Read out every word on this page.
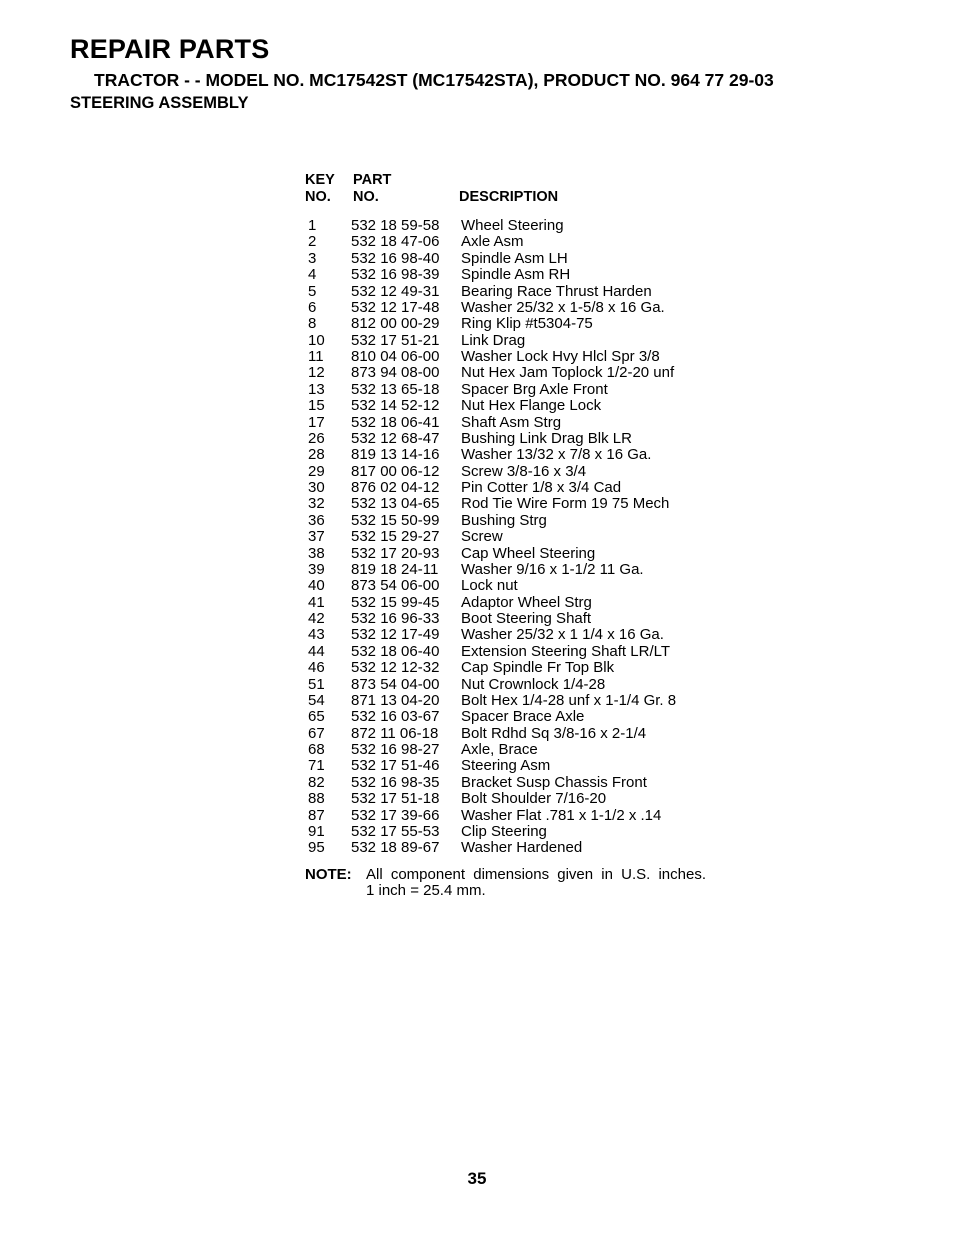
REPAIR PARTS
TRACTOR - - MODEL NO. MC17542ST (MC17542STA), PRODUCT NO. 964 77 29-03
STEERING ASSEMBLY
KEY
NO.
PART
NO.	DESCRIPTION
1 532 18 59-58 Wheel Steering
2 532 18 47-06 Axle Asm
3 532 16 98-40 Spindle Asm LH
4 532 16 98-39 Spindle Asm RH
5 532 12 49-31 Bearing Race Thrust Harden
6 532 12 17-48 Washer 25/32 x 1-5/8 x 16 Ga.
8 812 00 00-29 Ring Klip #t5304-75
10 532 17 51-21 Link Drag
11 810 04 06-00 Washer Lock Hvy Hlcl Spr 3/8
12 873 94 08-00 Nut Hex Jam Toplock 1/2-20 unf
13 532 13 65-18 Spacer Brg Axle Front
15 532 14 52-12 Nut Hex Flange Lock
17 532 18 06-41 Shaft Asm Strg
26 532 12 68-47 Bushing Link Drag Blk LR
28 819 13 14-16 Washer 13/32 x 7/8 x 16 Ga.
29 817 00 06-12 Screw 3/8-16 x 3/4
30 876 02 04-12 Pin Cotter 1/8 x 3/4 Cad
32 532 13 04-65 Rod Tie Wire Form 19 75 Mech
36 532 15 50-99 Bushing Strg
37 532 15 29-27 Screw
38 532 17 20-93 Cap Wheel Steering
39 819 18 24-11 Washer 9/16 x 1-1/2 11 Ga.
40 873 54 06-00 Lock nut
41 532 15 99-45 Adaptor Wheel Strg
42 532 16 96-33 Boot Steering Shaft
43 532 12 17-49 Washer 25/32 x 1 1/4 x 16 Ga.
44 532 18 06-40 Extension Steering Shaft LR/LT
46 532 12 12-32 Cap Spindle Fr Top Blk
51 873 54 04-00 Nut Crownlock 1/4-28
54 871 13 04-20 Bolt Hex 1/4-28 unf x 1-1/4 Gr. 8
65 532 16 03-67 Spacer Brace Axle
67 872 11 06-18 Bolt Rdhd Sq 3/8-16 x 2-1/4
68 532 16 98-27 Axle, Brace
71 532 17 51-46 Steering Asm
82 532 16 98-35 Bracket Susp Chassis Front
88 532 17 51-18 Bolt Shoulder 7/16-20
87 532 17 39-66 Washer Flat .781 x 1-1/2 x .14
91 532 17 55-53 Clip Steering
95 532 18 89-67 Washer Hardened
NOTE: All component dimensions given in U.S. inches.
1 inch = 25.4 mm.
35
